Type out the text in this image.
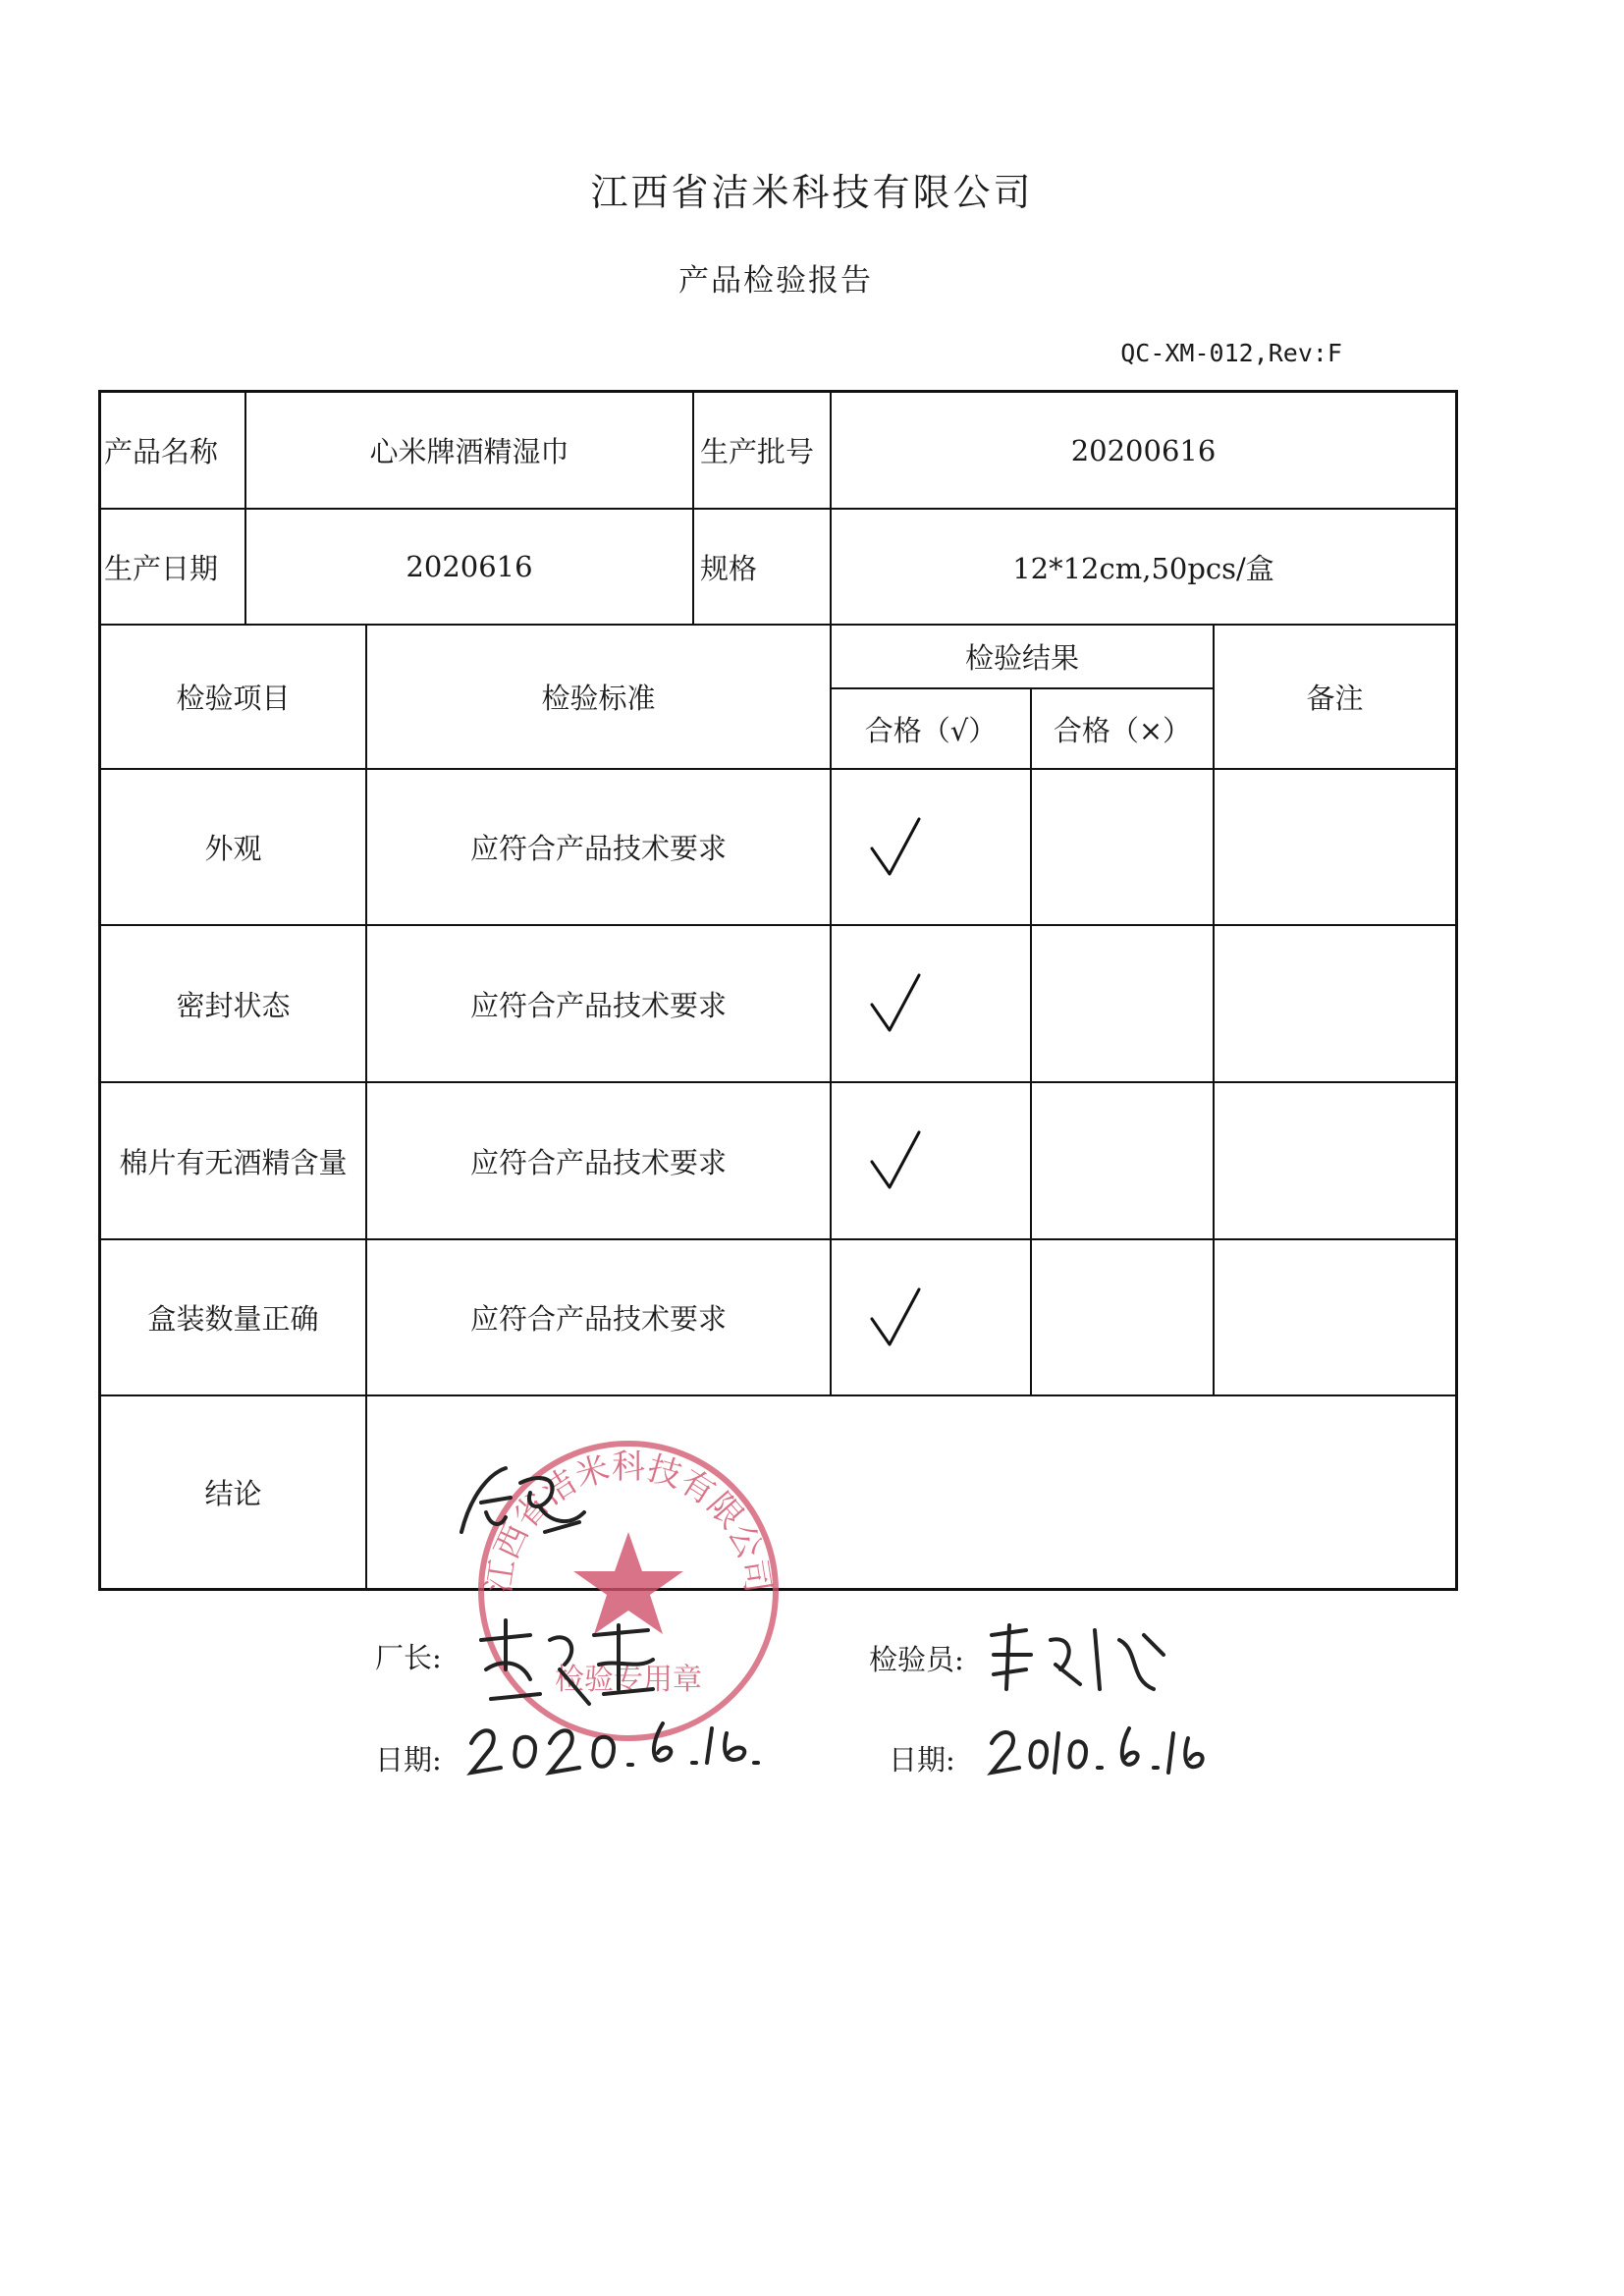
江西省洁米科技有限公司
产品检验报告
QC-XM-012,Rev:F
产品名称	心米牌酒精湿巾	生产批号	20200616
生产日期	2020616	规格	12*12cm,50pcs/盒
检验项目	检验标准
检验结果
合格（√）	合格（×）
备注
外观	应符合产品技术要求
密封状态	应符合产品技术要求
棉片有无酒精含量	应符合产品技术要求
盒装数量正确	应符合产品技术要求
结论
江西省洁米科技有限公司
检验专用章
厂长:	检验员:
日期:	日期:
